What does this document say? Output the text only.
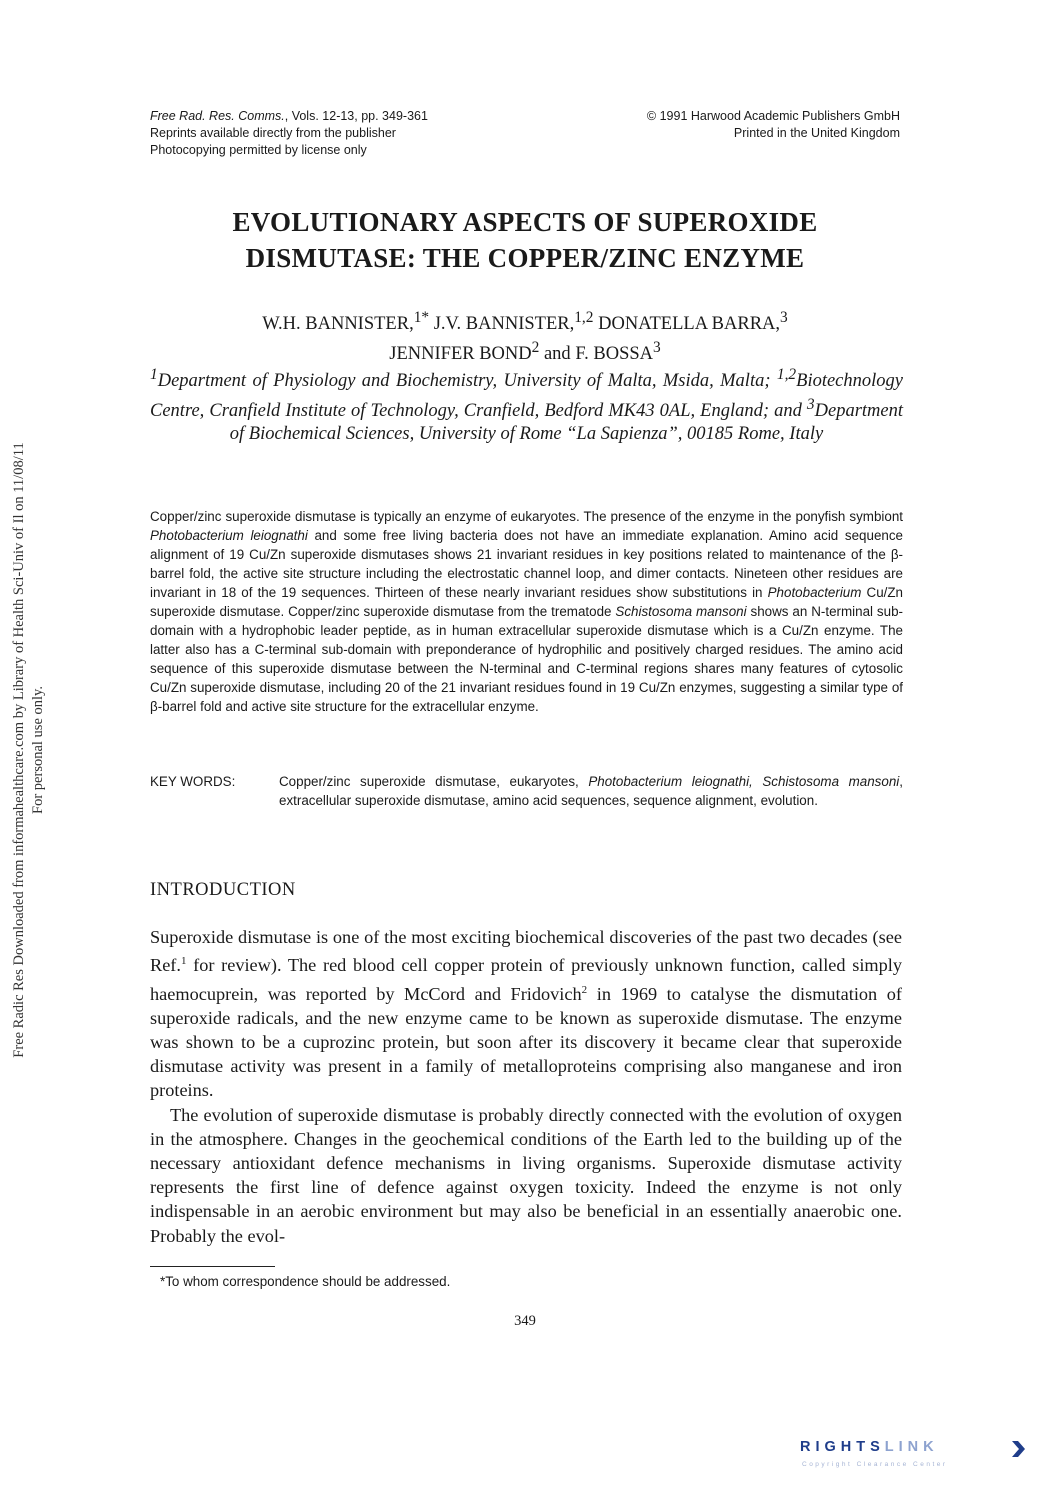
Free Rad. Res. Comms., Vols. 12-13, pp. 349-361
Reprints available directly from the publisher
Photocopying permitted by license only
© 1991 Harwood Academic Publishers GmbH
Printed in the United Kingdom
Free Radic Res Downloaded from informahealthcare.com by Library of Health Sci-Univ of Il on 11/08/11 For personal use only.
EVOLUTIONARY ASPECTS OF SUPEROXIDE
DISMUTASE: THE COPPER/ZINC ENZYME
W.H. BANNISTER,$^{1*}$ J.V. BANNISTER,$^{1,2}$ DONATELLA BARRA,$^3$
JENNIFER BOND$^2$ and F. BOSSA$^3$
$^1$Department of Physiology and Biochemistry, University of Malta, Msida, Malta; $^{1,2}$Biotechnology Centre, Cranfield Institute of Technology, Cranfield, Bedford MK43 0AL, England; and $^3$Department of Biochemical Sciences, University of Rome “La Sapienza”, 00185 Rome, Italy
Copper/zinc superoxide dismutase is typically an enzyme of eukaryotes. The presence of the enzyme in the ponyfish symbiont Photobacterium leiognathi and some free living bacteria does not have an immediate explanation. Amino acid sequence alignment of 19 Cu/Zn superoxide dismutases shows 21 invariant residues in key positions related to maintenance of the β-barrel fold, the active site structure including the electrostatic channel loop, and dimer contacts. Nineteen other residues are invariant in 18 of the 19 sequences. Thirteen of these nearly invariant residues show substitutions in Photobacterium Cu/Zn superoxide dismutase. Copper/zinc superoxide dismutase from the trematode Schistosoma mansoni shows an N-terminal sub-domain with a hydrophobic leader peptide, as in human extracellular superoxide dismutase which is a Cu/Zn enzyme. The latter also has a C-terminal sub-domain with preponderance of hydrophilic and positively charged residues. The amino acid sequence of this superoxide dismutase between the N-terminal and C-terminal regions shares many features of cytosolic Cu/Zn superoxide dismutase, including 20 of the 21 invariant residues found in 19 Cu/Zn enzymes, suggesting a similar type of β-barrel fold and active site structure for the extracellular enzyme.
KEY WORDS:	Copper/zinc superoxide dismutase, eukaryotes, Photobacterium leiognathi, Schistosoma mansoni, extracellular superoxide dismutase, amino acid sequences, sequence alignment, evolution.
INTRODUCTION

Superoxide dismutase is one of the most exciting biochemical discoveries of the past two decades (see Ref.$^1$ for review). The red blood cell copper protein of previously unknown function, called simply haemocuprein, was reported by McCord and Fridovich$^2$ in 1969 to catalyse the dismutation of superoxide radicals, and the new enzyme came to be known as superoxide dismutase. The enzyme was shown to be a cuprozinc protein, but soon after its discovery it became clear that superoxide dismutase activity was present in a family of metalloproteins comprising also manganese and iron proteins.

The evolution of superoxide dismutase is probably directly connected with the evolution of oxygen in the atmosphere. Changes in the geochemical conditions of the Earth led to the building up of the necessary antioxidant defence mechanisms in living organisms. Superoxide dismutase activity represents the first line of defence against oxygen toxicity. Indeed the enzyme is not only indispensable in an aerobic environment but may also be beneficial in an essentially anaerobic one. Probably the evol-

*To whom correspondence should be addressed.
349
RIGHTSLINK
Copyright Clearance Center
